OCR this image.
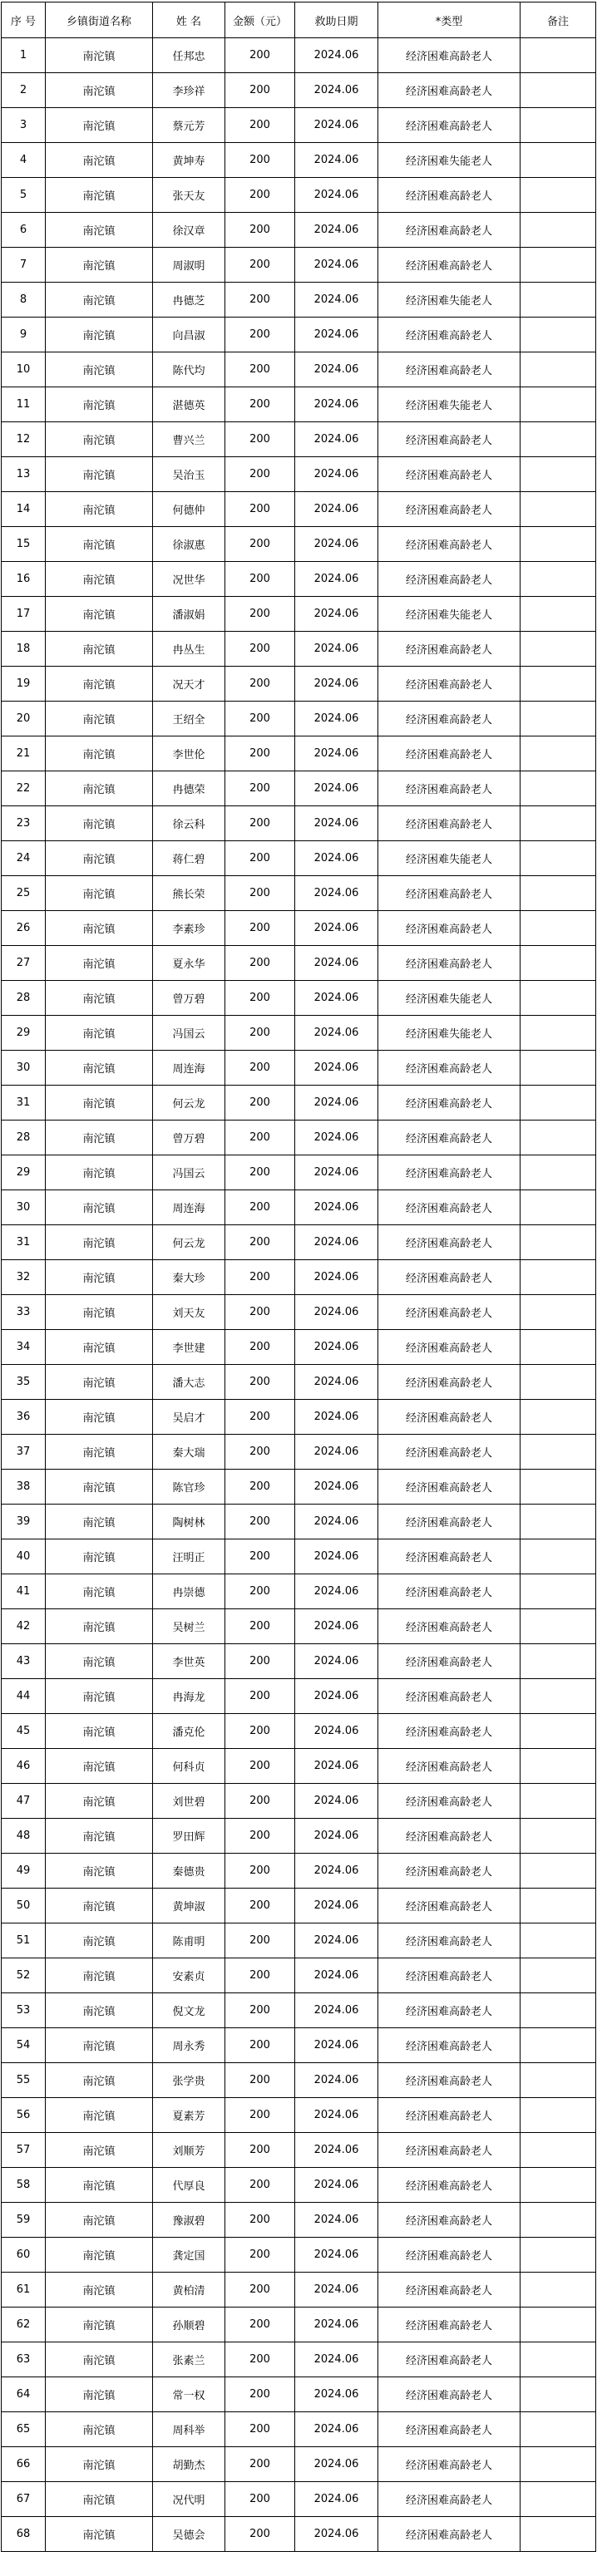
序 号	乡镇街道名称	姓 名	金额（元）	救助日期	*类型	备注
1	南沱镇	任邦忠	200	2024.06	经济困难高龄老人	
2	南沱镇	李珍祥	200	2024.06	经济困难高龄老人	
3	南沱镇	蔡元芳	200	2024.06	经济困难高龄老人	
4	南沱镇	黄坤寿	200	2024.06	经济困难失能老人	
5	南沱镇	张天友	200	2024.06	经济困难高龄老人	
6	南沱镇	徐汉章	200	2024.06	经济困难高龄老人	
7	南沱镇	周淑明	200	2024.06	经济困难高龄老人	
8	南沱镇	冉德芝	200	2024.06	经济困难失能老人	
9	南沱镇	向昌淑	200	2024.06	经济困难高龄老人	
10	南沱镇	陈代均	200	2024.06	经济困难高龄老人	
11	南沱镇	湛德英	200	2024.06	经济困难失能老人	
12	南沱镇	曹兴兰	200	2024.06	经济困难高龄老人	
13	南沱镇	吴治玉	200	2024.06	经济困难高龄老人	
14	南沱镇	何德仲	200	2024.06	经济困难高龄老人	
15	南沱镇	徐淑惠	200	2024.06	经济困难高龄老人	
16	南沱镇	况世华	200	2024.06	经济困难高龄老人	
17	南沱镇	潘淑娟	200	2024.06	经济困难失能老人	
18	南沱镇	冉丛生	200	2024.06	经济困难高龄老人	
19	南沱镇	况天才	200	2024.06	经济困难高龄老人	
20	南沱镇	王绍全	200	2024.06	经济困难高龄老人	
21	南沱镇	李世伦	200	2024.06	经济困难高龄老人	
22	南沱镇	冉德荣	200	2024.06	经济困难高龄老人	
23	南沱镇	徐云科	200	2024.06	经济困难高龄老人	
24	南沱镇	蒋仁碧	200	2024.06	经济困难失能老人	
25	南沱镇	熊长荣	200	2024.06	经济困难高龄老人	
26	南沱镇	李素珍	200	2024.06	经济困难高龄老人	
27	南沱镇	夏永华	200	2024.06	经济困难高龄老人	
28	南沱镇	曾万碧	200	2024.06	经济困难失能老人	
29	南沱镇	冯国云	200	2024.06	经济困难失能老人	
30	南沱镇	周连海	200	2024.06	经济困难高龄老人	
31	南沱镇	何云龙	200	2024.06	经济困难高龄老人	
28	南沱镇	曾万碧	200	2024.06	经济困难高龄老人	
29	南沱镇	冯国云	200	2024.06	经济困难高龄老人	
30	南沱镇	周连海	200	2024.06	经济困难高龄老人	
31	南沱镇	何云龙	200	2024.06	经济困难高龄老人	
32	南沱镇	秦大珍	200	2024.06	经济困难高龄老人	
33	南沱镇	刘天友	200	2024.06	经济困难高龄老人	
34	南沱镇	李世建	200	2024.06	经济困难高龄老人	
35	南沱镇	潘大志	200	2024.06	经济困难高龄老人	
36	南沱镇	吴启才	200	2024.06	经济困难高龄老人	
37	南沱镇	秦大瑞	200	2024.06	经济困难高龄老人	
38	南沱镇	陈官珍	200	2024.06	经济困难高龄老人	
39	南沱镇	陶树林	200	2024.06	经济困难高龄老人	
40	南沱镇	汪明正	200	2024.06	经济困难高龄老人	
41	南沱镇	冉崇德	200	2024.06	经济困难高龄老人	
42	南沱镇	吴树兰	200	2024.06	经济困难高龄老人	
43	南沱镇	李世英	200	2024.06	经济困难高龄老人	
44	南沱镇	冉海龙	200	2024.06	经济困难高龄老人	
45	南沱镇	潘克伦	200	2024.06	经济困难高龄老人	
46	南沱镇	何科贞	200	2024.06	经济困难高龄老人	
47	南沱镇	刘世碧	200	2024.06	经济困难高龄老人	
48	南沱镇	罗田辉	200	2024.06	经济困难高龄老人	
49	南沱镇	秦德贵	200	2024.06	经济困难高龄老人	
50	南沱镇	黄坤淑	200	2024.06	经济困难高龄老人	
51	南沱镇	陈甫明	200	2024.06	经济困难高龄老人	
52	南沱镇	安素贞	200	2024.06	经济困难高龄老人	
53	南沱镇	倪文龙	200	2024.06	经济困难高龄老人	
54	南沱镇	周永秀	200	2024.06	经济困难高龄老人	
55	南沱镇	张学贵	200	2024.06	经济困难高龄老人	
56	南沱镇	夏素芳	200	2024.06	经济困难高龄老人	
57	南沱镇	刘顺芳	200	2024.06	经济困难高龄老人	
58	南沱镇	代厚良	200	2024.06	经济困难高龄老人	
59	南沱镇	豫淑碧	200	2024.06	经济困难高龄老人	
60	南沱镇	龚定国	200	2024.06	经济困难高龄老人	
61	南沱镇	黄柏清	200	2024.06	经济困难高龄老人	
62	南沱镇	孙顺碧	200	2024.06	经济困难高龄老人	
63	南沱镇	张素兰	200	2024.06	经济困难高龄老人	
64	南沱镇	常一权	200	2024.06	经济困难高龄老人	
65	南沱镇	周科举	200	2024.06	经济困难高龄老人	
66	南沱镇	胡勤杰	200	2024.06	经济困难高龄老人	
67	南沱镇	况代明	200	2024.06	经济困难高龄老人	
68	南沱镇	吴德会	200	2024.06	经济困难高龄老人	
